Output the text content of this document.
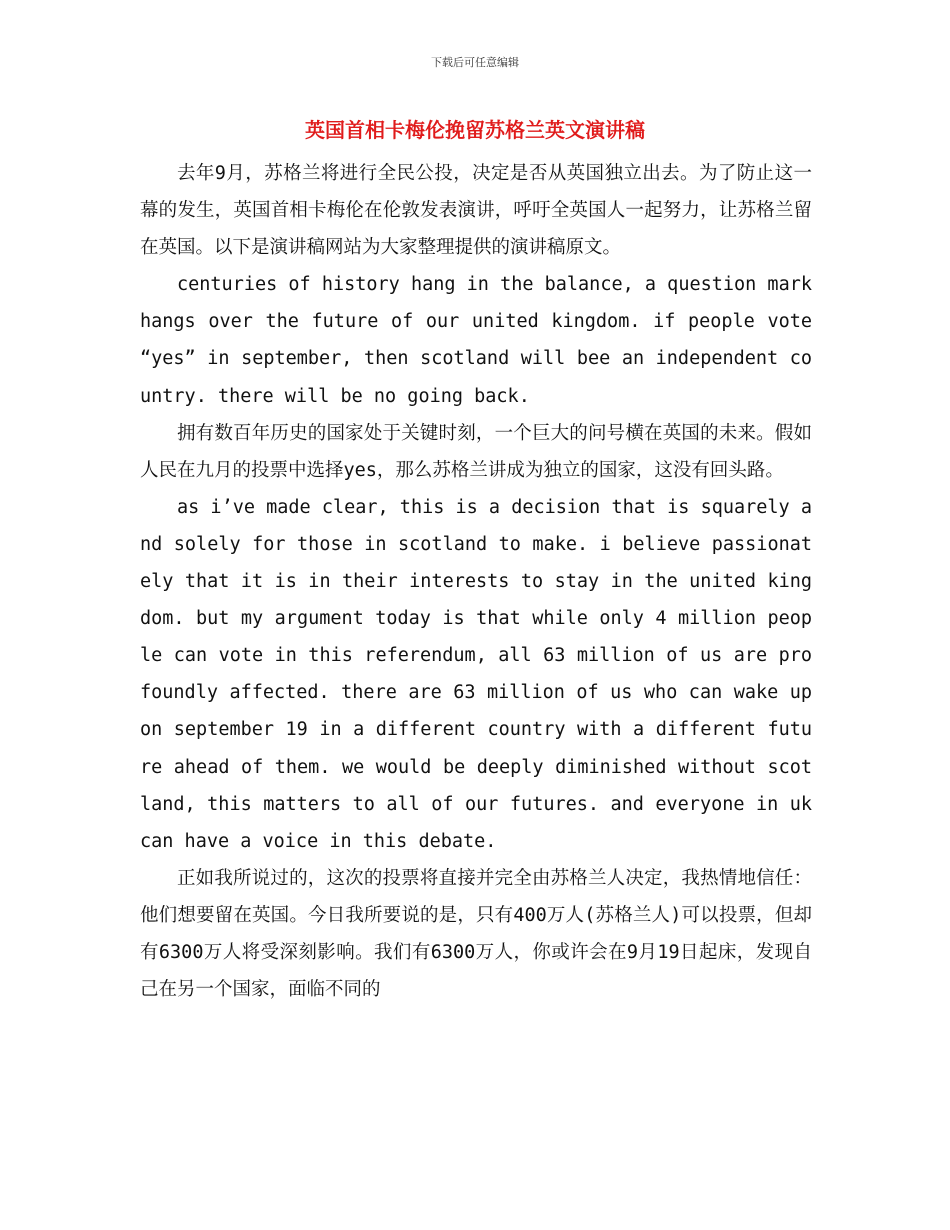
下载后可任意编辑
英国首相卡梅伦挽留苏格兰英文演讲稿

去年9月，苏格兰将进行全民公投，决定是否从英国独立出去。为了防止这一幕的发生，英国首相卡梅伦在伦敦发表演讲，呼吁全英国人一起努力，让苏格兰留在英国。以下是演讲稿网站为大家整理提供的演讲稿原文。

centuries of history hang in the balance, a question mark hangs over the future of our united kingdom. if people vote “yes” in september, then scotland will bee an independent country. there will be no going back.

拥有数百年历史的国家处于关键时刻，一个巨大的问号横在英国的未来。假如人民在九月的投票中选择yes，那么苏格兰讲成为独立的国家，这没有回头路。

as i’ve made clear, this is a decision that is squarely and solely for those in scotland to make. i believe passionately that it is in their interests to stay in the united kingdom. but my argument today is that while only 4 million people can vote in this referendum, all 63 million of us are profoundly affected. there are 63 million of us who can wake up on september 19 in a different country with a different future ahead of them. we would be deeply diminished without scotland, this matters to all of our futures. and everyone in uk can have a voice in this debate.

正如我所说过的，这次的投票将直接并完全由苏格兰人决定，我热情地信任：他们想要留在英国。今日我所要说的是，只有400万人(苏格兰人)可以投票，但却有6300万人将受深刻影响。我们有6300万人，你或许会在9月19日起床，发现自己在另一个国家，面临不同的
